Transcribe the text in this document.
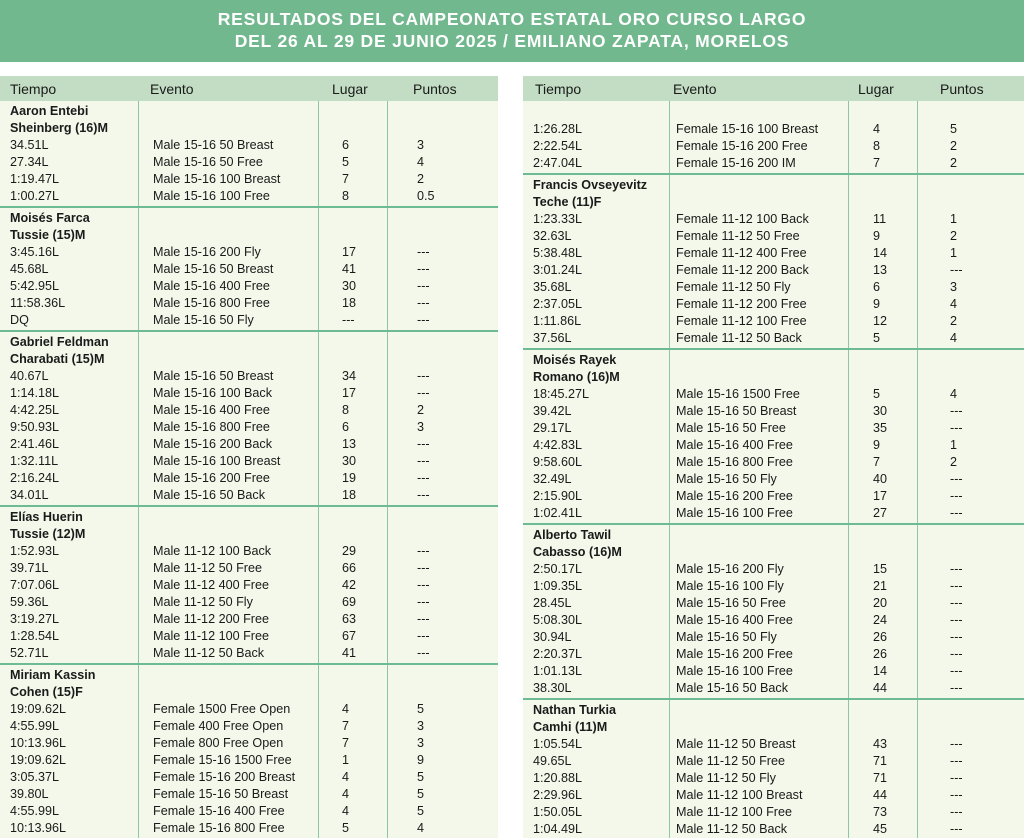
RESULTADOS DEL CAMPEONATO ESTATAL ORO CURSO LARGO
DEL 26 AL 29 DE JUNIO 2025 / EMILIANO ZAPATA, MORELOS
Tiempo	Evento	Lugar	Puntos
Aaron Entebi Sheinberg (16)M
34.51L	Male 15-16 50 Breast	6	3
27.34L	Male 15-16 50 Free	5	4
1:19.47L	Male 15-16 100 Breast	7	2
1:00.27L	Male 15-16 100 Free	8	0.5
Moisés Farca Tussie (15)M
3:45.16L	Male 15-16 200 Fly	17	---
45.68L	Male 15-16 50 Breast	41	---
5:42.95L	Male 15-16 400 Free	30	---
11:58.36L	Male 15-16 800 Free	18	---
DQ	Male 15-16 50 Fly	---	---
Gabriel Feldman Charabati (15)M
40.67L	Male 15-16 50 Breast	34	---
1:14.18L	Male 15-16 100 Back	17	---
4:42.25L	Male 15-16 400 Free	8	2
9:50.93L	Male 15-16 800 Free	6	3
2:41.46L	Male 15-16 200 Back	13	---
1:32.11L	Male 15-16 100 Breast	30	---
2:16.24L	Male 15-16 200 Free	19	---
34.01L	Male 15-16 50 Back	18	---
Elías Huerin Tussie (12)M
1:52.93L	Male 11-12 100 Back	29	---
39.71L	Male 11-12 50 Free	66	---
7:07.06L	Male 11-12 400 Free	42	---
59.36L	Male 11-12 50 Fly	69	---
3:19.27L	Male 11-12 200 Free	63	---
1:28.54L	Male 11-12 100 Free	67	---
52.71L	Male 11-12 50 Back	41	---
Miriam Kassin Cohen (15)F
19:09.62L	Female 1500 Free Open	4	5
4:55.99L	Female 400 Free Open	7	3
10:13.96L	Female 800 Free Open	7	3
19:09.62L	Female 15-16 1500 Free	1	9
3:05.37L	Female 15-16 200 Breast	4	5
39.80L	Female 15-16 50 Breast	4	5
4:55.99L	Female 15-16 400 Free	4	5
10:13.96L	Female 15-16 800 Free	5	4
Tiempo	Evento	Lugar	Puntos
1:26.28L	Female 15-16 100 Breast	4	5
2:22.54L	Female 15-16 200 Free	8	2
2:47.04L	Female 15-16 200 IM	7	2
Francis Ovseyevitz Teche (11)F
1:23.33L	Female 11-12 100 Back	11	1
32.63L	Female 11-12 50 Free	9	2
5:38.48L	Female 11-12 400 Free	14	1
3:01.24L	Female 11-12 200 Back	13	---
35.68L	Female 11-12 50 Fly	6	3
2:37.05L	Female 11-12 200 Free	9	4
1:11.86L	Female 11-12 100 Free	12	2
37.56L	Female 11-12 50 Back	5	4
Moisés Rayek Romano (16)M
18:45.27L	Male 15-16 1500 Free	5	4
39.42L	Male 15-16 50 Breast	30	---
29.17L	Male 15-16 50 Free	35	---
4:42.83L	Male 15-16 400 Free	9	1
9:58.60L	Male 15-16 800 Free	7	2
32.49L	Male 15-16 50 Fly	40	---
2:15.90L	Male 15-16 200 Free	17	---
1:02.41L	Male 15-16 100 Free	27	---
Alberto Tawil Cabasso (16)M
2:50.17L	Male 15-16 200 Fly	15	---
1:09.35L	Male 15-16 100 Fly	21	---
28.45L	Male 15-16 50 Free	20	---
5:08.30L	Male 15-16 400 Free	24	---
30.94L	Male 15-16 50 Fly	26	---
2:20.37L	Male 15-16 200 Free	26	---
1:01.13L	Male 15-16 100 Free	14	---
38.30L	Male 15-16 50 Back	44	---
Nathan Turkia Camhi (11)M
1:05.54L	Male 11-12 50 Breast	43	---
49.65L	Male 11-12 50 Free	71	---
1:20.88L	Male 11-12 50 Fly	71	---
2:29.96L	Male 11-12 100 Breast	44	---
1:50.05L	Male 11-12 100 Free	73	---
1:04.49L	Male 11-12 50 Back	45	---
